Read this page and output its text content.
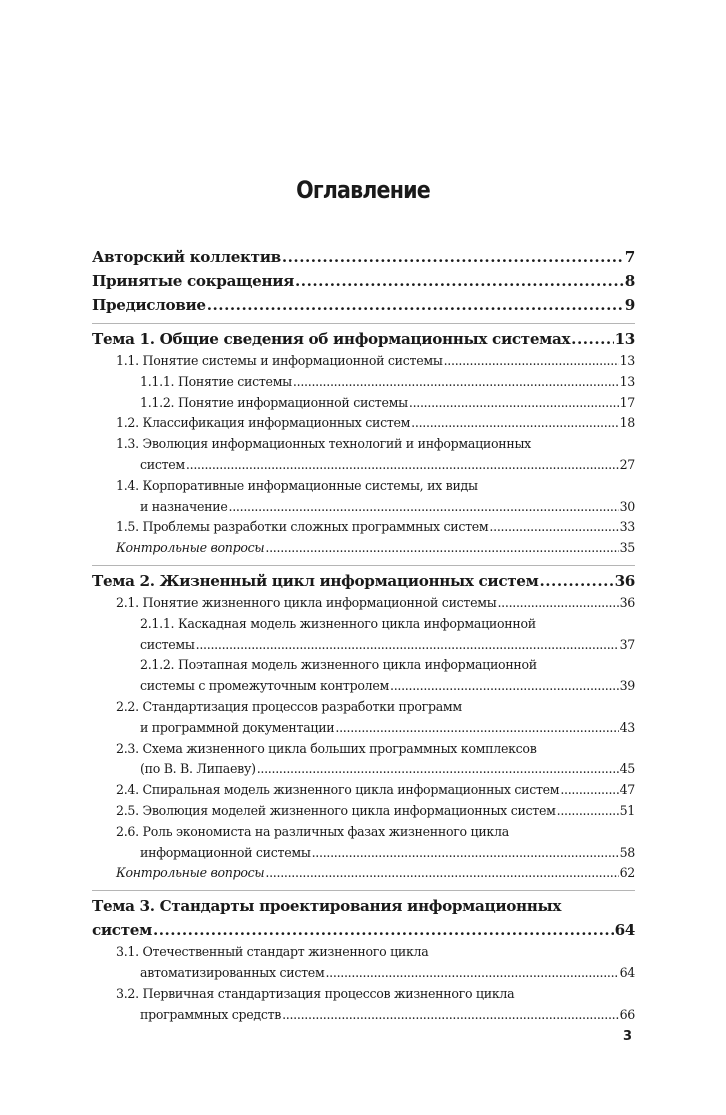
Оглавление
Авторский коллектив .....	7
Принятые сокращения .....	8
Предисловие .....	9
Тема 1. Общие сведения об информационных системах .....	13
1.1. Понятие системы и информационной системы .....	13
1.1.1. Понятие системы .....	13
1.1.2. Понятие информационной системы .....	17
1.2. Классификация информационных систем .....	18
1.3. Эволюция информационных технологий и информационных
систем .....	27
1.4. Корпоративные информационные системы, их виды
и назначение .....	30
1.5. Проблемы разработки сложных программных систем .....	33
Контрольные вопросы .....	35
Тема 2. Жизненный цикл информационных систем .....	36
2.1. Понятие жизненного цикла информационной системы .....	36
2.1.1. Каскадная модель жизненного цикла информационной
системы .....	37
2.1.2. Поэтапная модель жизненного цикла информационной
системы с промежуточным контролем .....	39
2.2. Стандартизация процессов разработки программ
и программной документации .....	43
2.3. Схема жизненного цикла больших программных комплексов
(по В. В. Липаеву) .....	45
2.4. Спиральная модель жизненного цикла информационных систем .....	47
2.5. Эволюция моделей жизненного цикла информационных систем .....	51
2.6. Роль экономиста на различных фазах жизненного цикла
информационной системы .....	58
Контрольные вопросы .....	62
Тема 3. Стандарты проектирования информационных
систем .....	64
3.1. Отечественный стандарт жизненного цикла
автоматизированных систем .....	64
3.2. Первичная стандартизация процессов жизненного цикла
программных средств .....	66
3
